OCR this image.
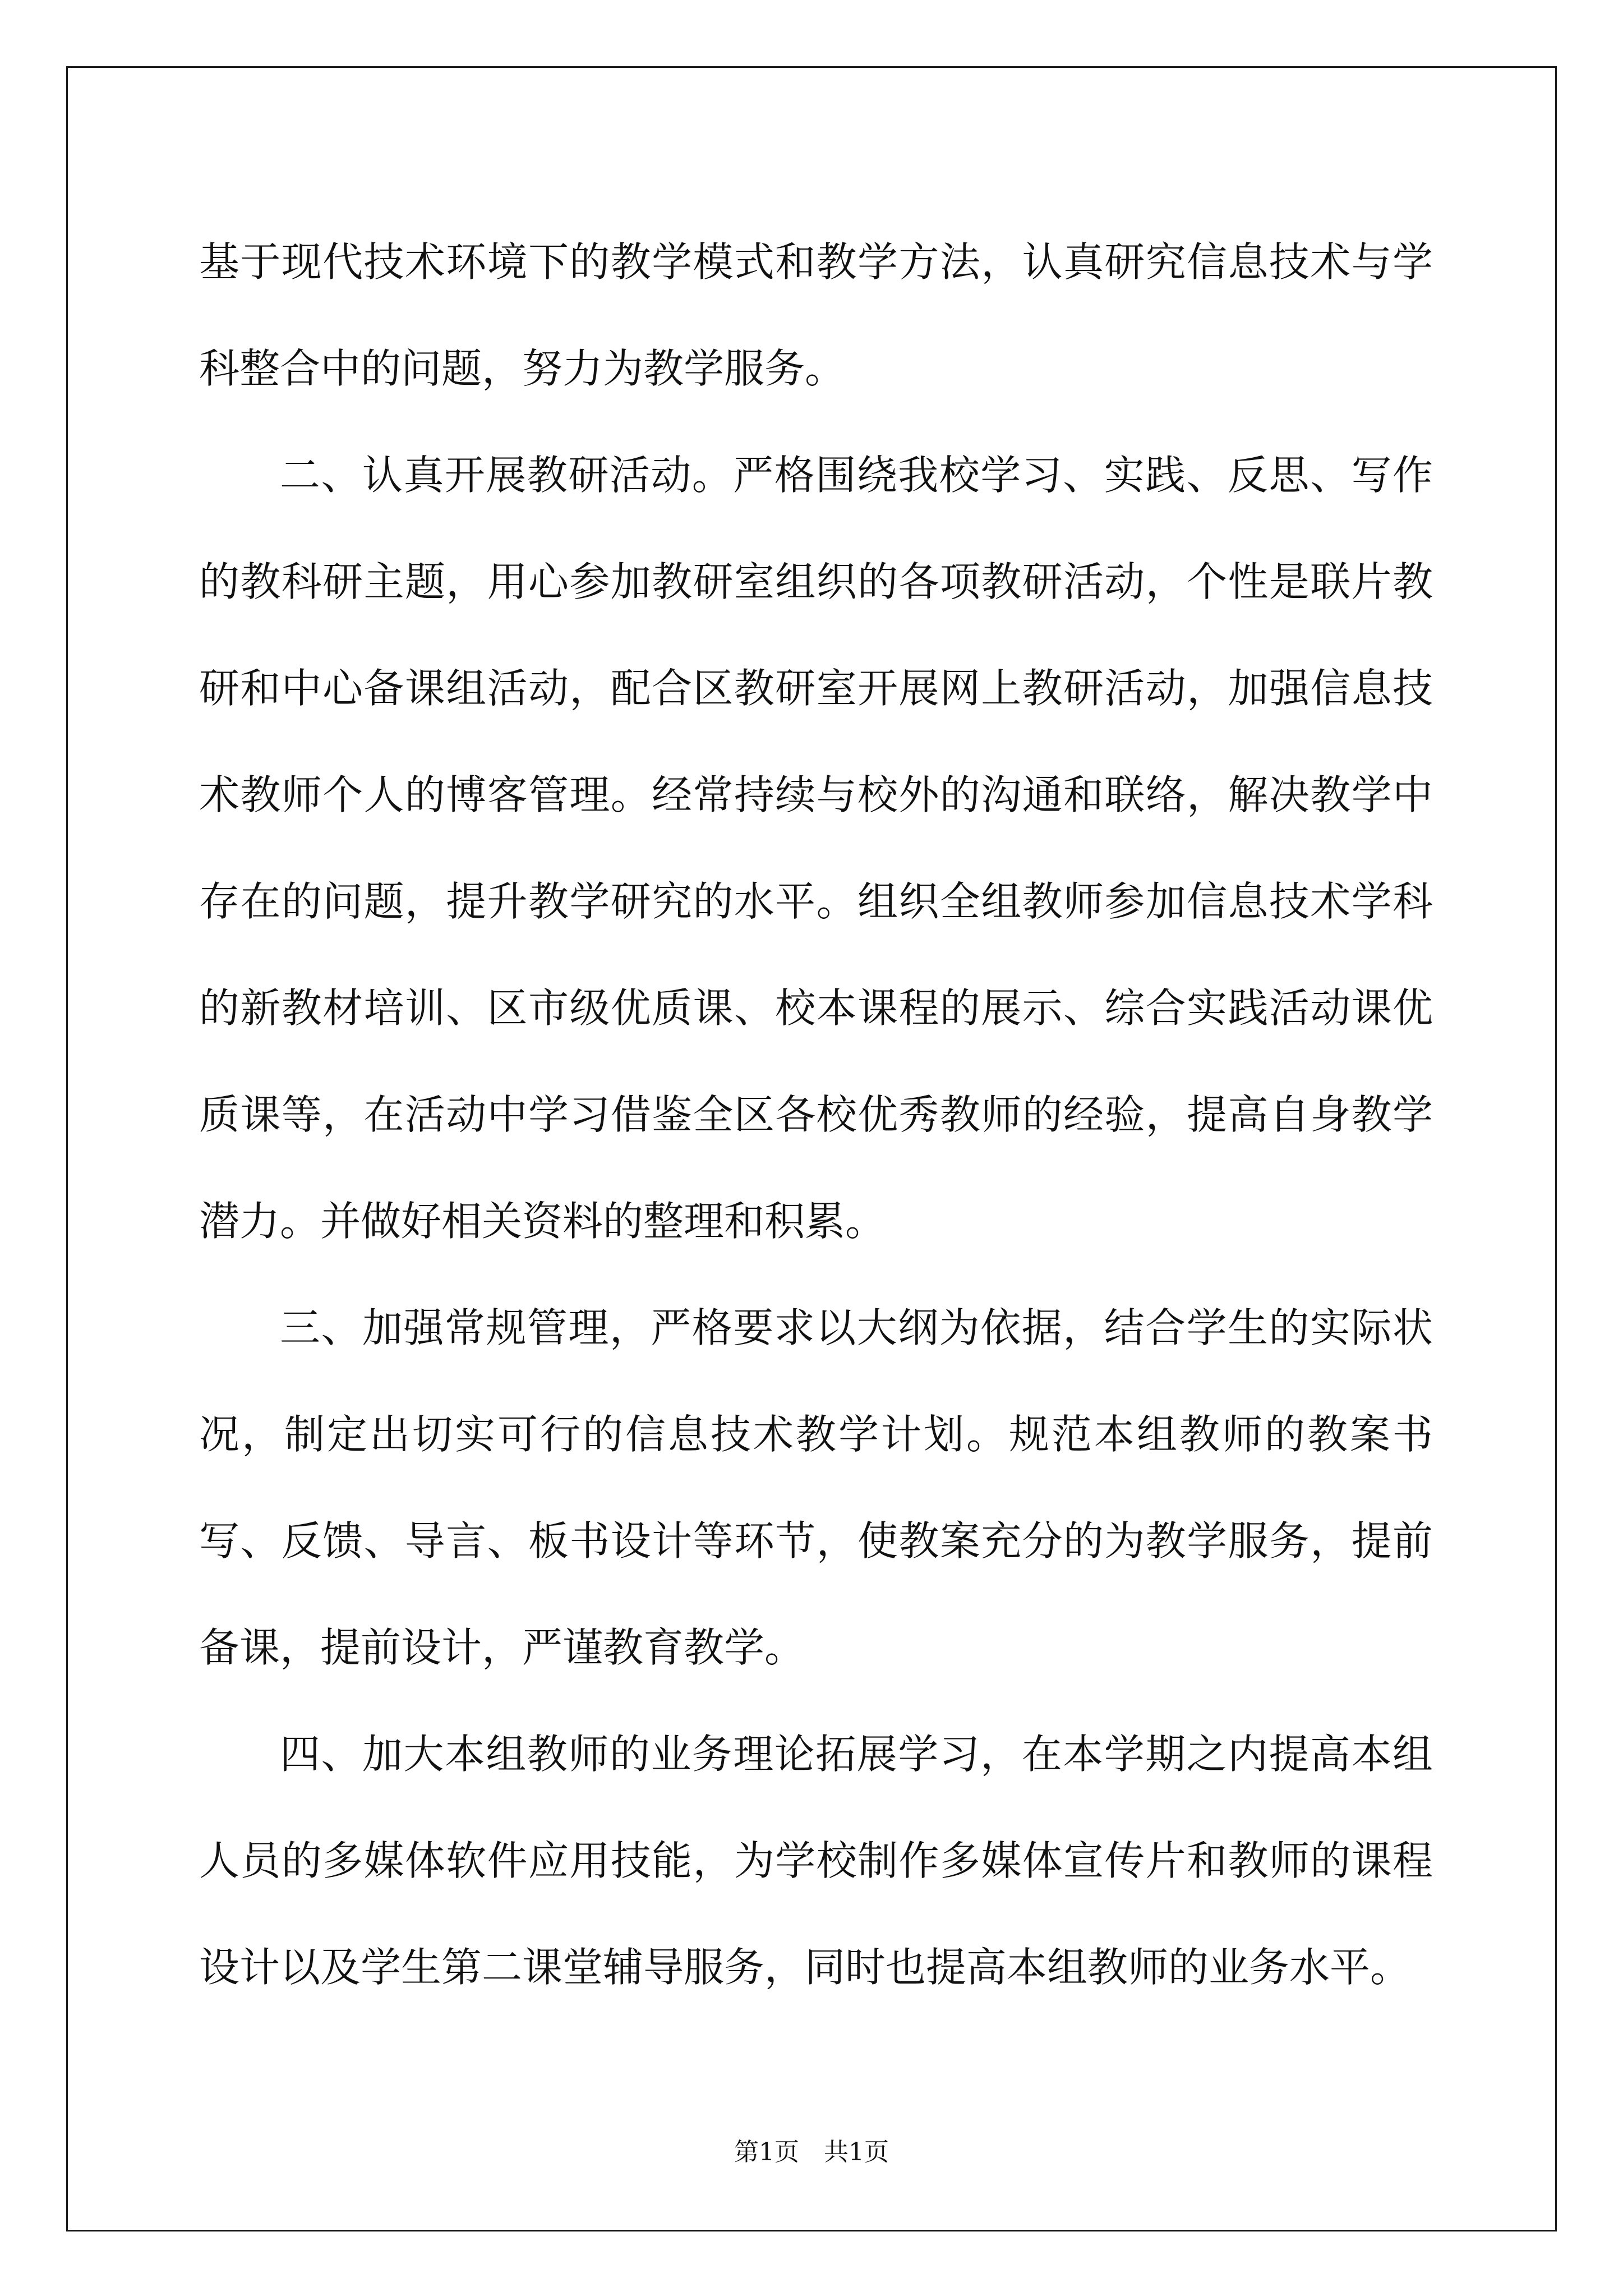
基于现代技术环境下的教学模式和教学方法，认真研究信息技术与学科整合中的问题，努力为教学服务。

二、认真开展教研活动。严格围绕我校学习、实践、反思、写作的教科研主题，用心参加教研室组织的各项教研活动，个性是联片教研和中心备课组活动，配合区教研室开展网上教研活动，加强信息技术教师个人的博客管理。经常持续与校外的沟通和联络，解决教学中存在的问题，提升教学研究的水平。组织全组教师参加信息技术学科的新教材培训、区市级优质课、校本课程的展示、综合实践活动课优质课等，在活动中学习借鉴全区各校优秀教师的经验，提高自身教学潜力。并做好相关资料的整理和积累。

三、加强常规管理，严格要求以大纲为依据，结合学生的实际状况，制定出切实可行的信息技术教学计划。规范本组教师的教案书写、反馈、导言、板书设计等环节，使教案充分的为教学服务，提前备课，提前设计，严谨教育教学。

四、加大本组教师的业务理论拓展学习，在本学期之内提高本组人员的多媒体软件应用技能，为学校制作多媒体宣传片和教师的课程设计以及学生第二课堂辅导服务，同时也提高本组教师的业务水平。

第1页　共1页
